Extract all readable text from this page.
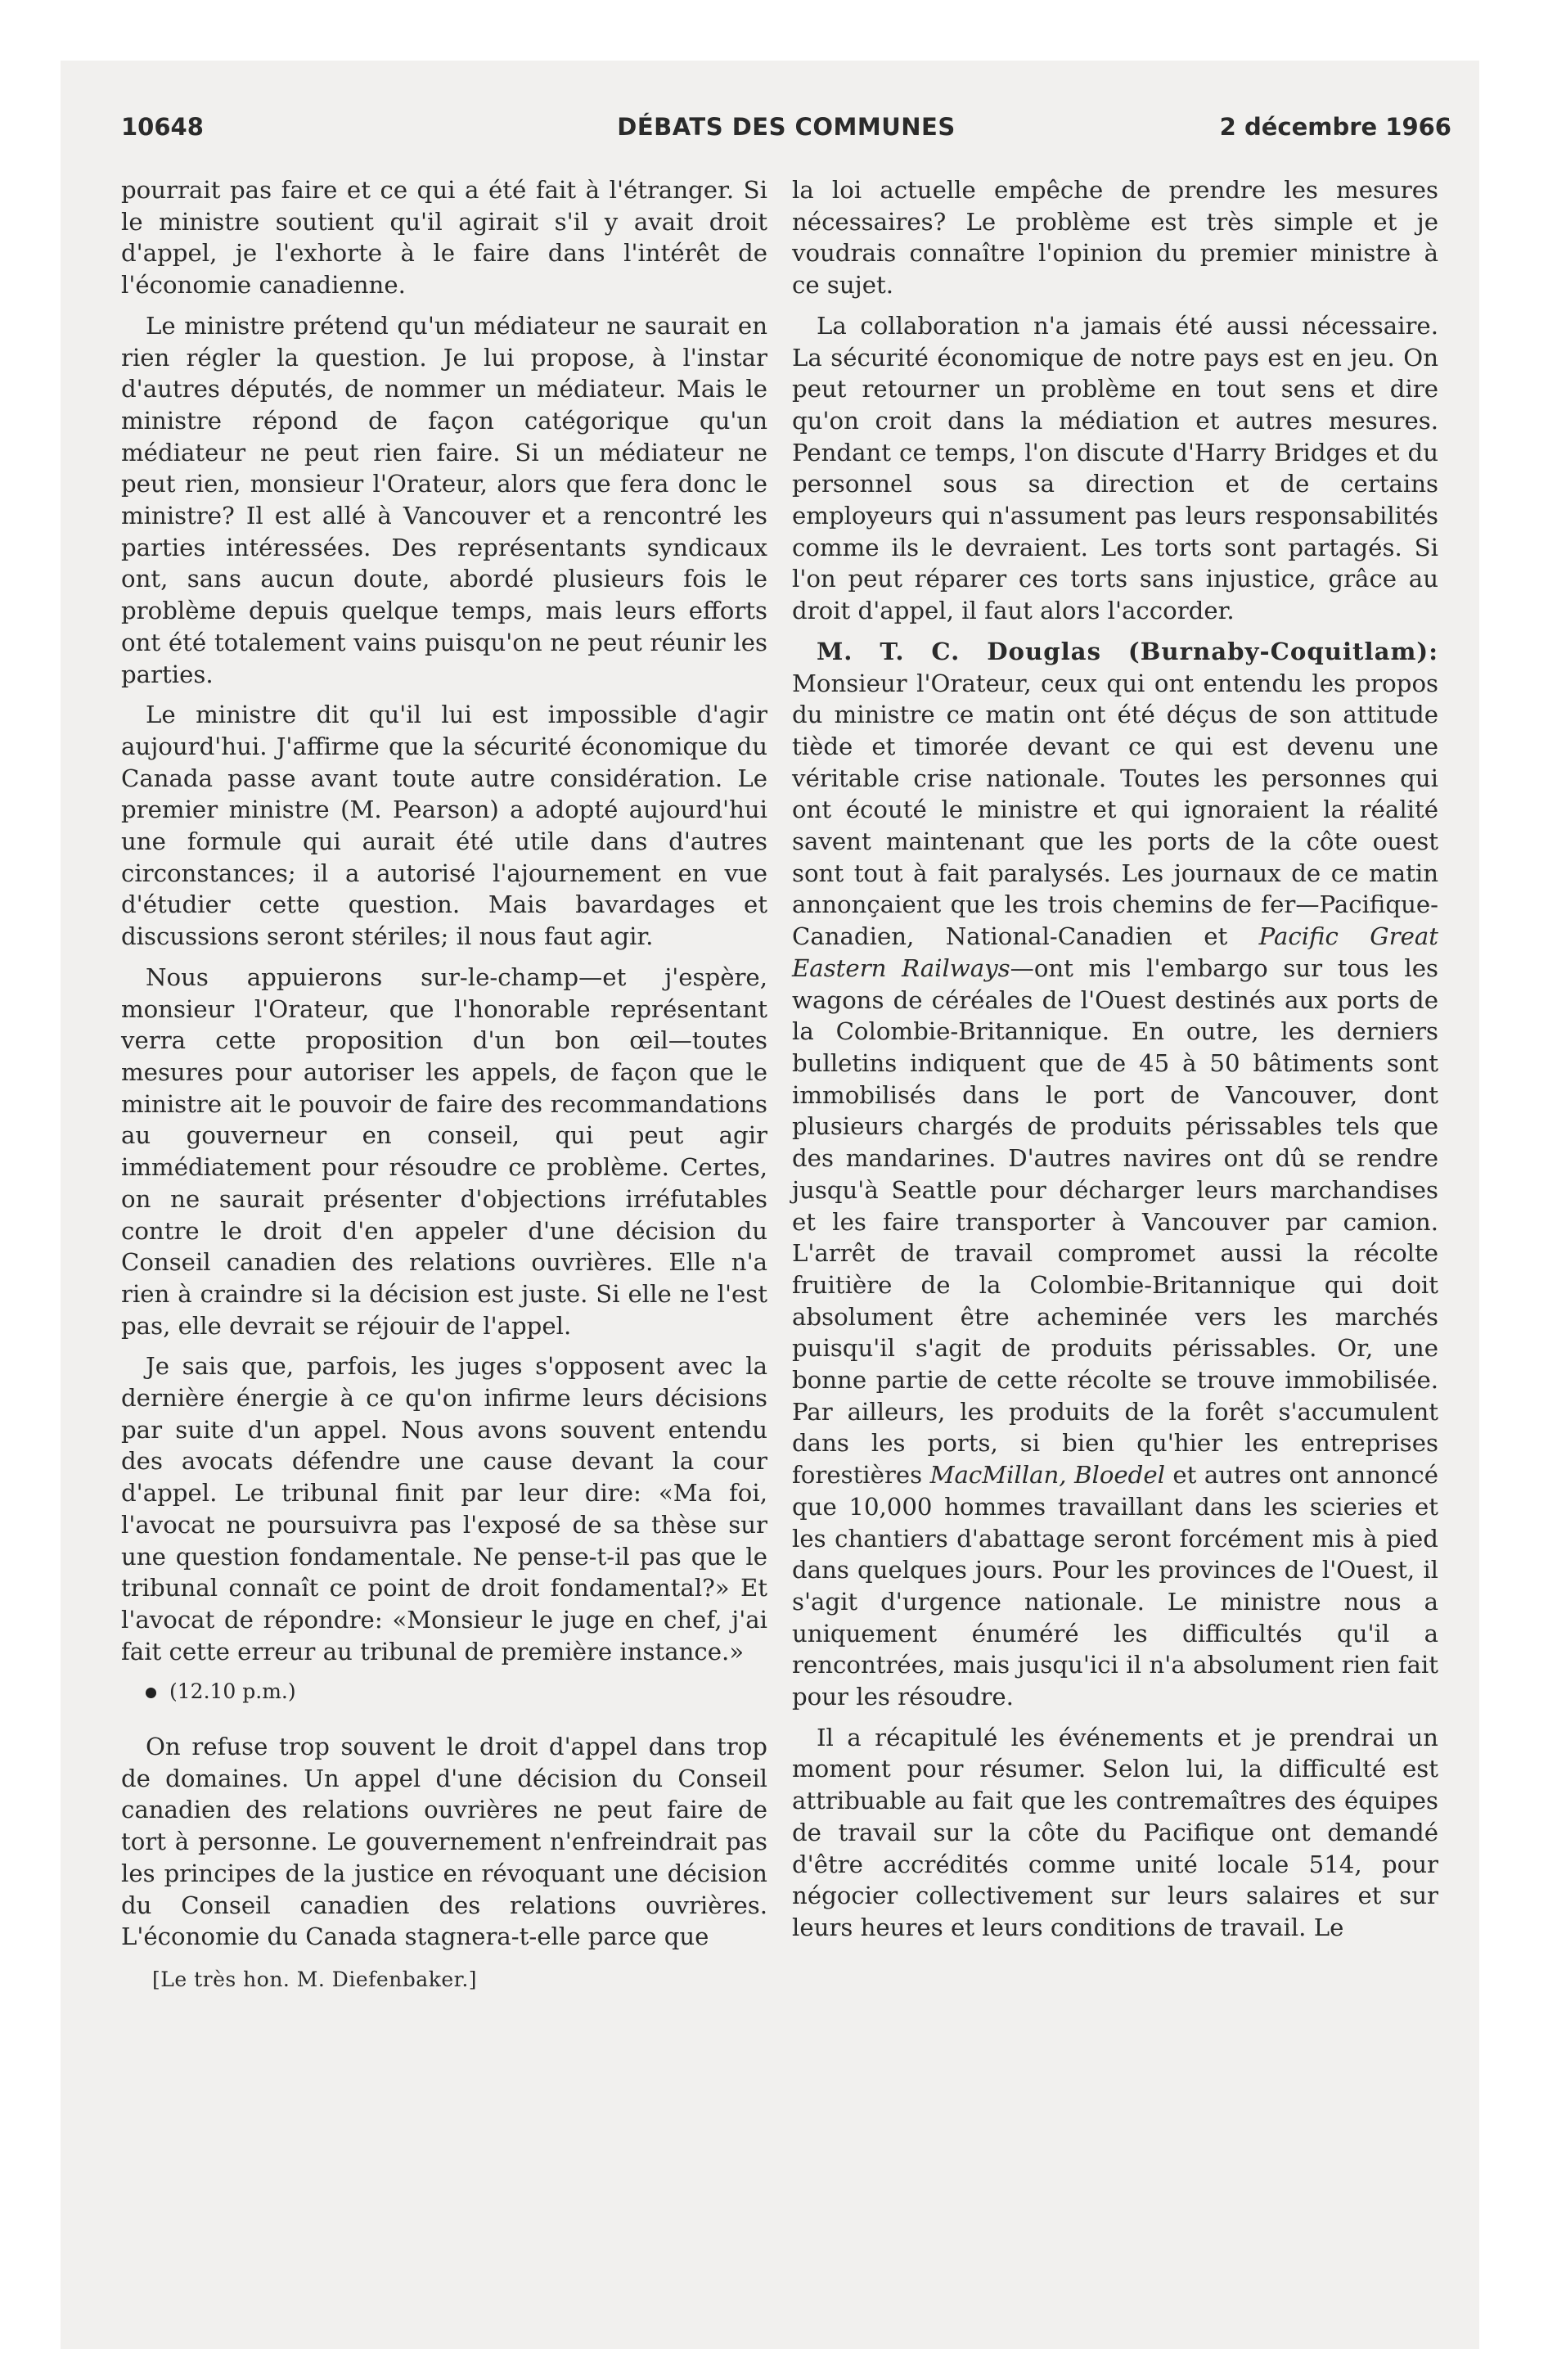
10648	DÉBATS DES COMMUNES	2 décembre 1966

pourrait pas faire et ce qui a été fait à l'étranger. Si le ministre soutient qu'il agirait s'il y avait droit d'appel, je l'exhorte à le faire dans l'intérêt de l'économie canadienne.

Le ministre prétend qu'un médiateur ne saurait en rien régler la question. Je lui propose, à l'instar d'autres députés, de nommer un médiateur. Mais le ministre répond de façon catégorique qu'un médiateur ne peut rien faire. Si un médiateur ne peut rien, monsieur l'Orateur, alors que fera donc le ministre? Il est allé à Vancouver et a rencontré les parties intéressées. Des représentants syndicaux ont, sans aucun doute, abordé plusieurs fois le problème depuis quelque temps, mais leurs efforts ont été totalement vains puisqu'on ne peut réunir les parties.

Le ministre dit qu'il lui est impossible d'agir aujourd'hui. J'affirme que la sécurité économique du Canada passe avant toute autre considération. Le premier ministre (M. Pearson) a adopté aujourd'hui une formule qui aurait été utile dans d'autres circonstances; il a autorisé l'ajournement en vue d'étudier cette question. Mais bavardages et discussions seront stériles; il nous faut agir.

Nous appuierons sur-le-champ—et j'espère, monsieur l'Orateur, que l'honorable représentant verra cette proposition d'un bon œil—toutes mesures pour autoriser les appels, de façon que le ministre ait le pouvoir de faire des recommandations au gouverneur en conseil, qui peut agir immédiatement pour résoudre ce problème. Certes, on ne saurait présenter d'objections irréfutables contre le droit d'en appeler d'une décision du Conseil canadien des relations ouvrières. Elle n'a rien à craindre si la décision est juste. Si elle ne l'est pas, elle devrait se réjouir de l'appel.

Je sais que, parfois, les juges s'opposent avec la dernière énergie à ce qu'on infirme leurs décisions par suite d'un appel. Nous avons souvent entendu des avocats défendre une cause devant la cour d'appel. Le tribunal finit par leur dire: «Ma foi, l'avocat ne poursuivra pas l'exposé de sa thèse sur une question fondamentale. Ne pense-t-il pas que le tribunal connaît ce point de droit fondamental?» Et l'avocat de répondre: «Monsieur le juge en chef, j'ai fait cette erreur au tribunal de première instance.»

(12.10 p.m.)

On refuse trop souvent le droit d'appel dans trop de domaines. Un appel d'une décision du Conseil canadien des relations ouvrières ne peut faire de tort à personne. Le gouvernement n'enfreindrait pas les principes de la justice en révoquant une décision du Conseil canadien des relations ouvrières. L'économie du Canada stagnera-t-elle parce que

[Le très hon. M. Diefenbaker.]

la loi actuelle empêche de prendre les mesures nécessaires? Le problème est très simple et je voudrais connaître l'opinion du premier ministre à ce sujet.

La collaboration n'a jamais été aussi nécessaire. La sécurité économique de notre pays est en jeu. On peut retourner un problème en tout sens et dire qu'on croit dans la médiation et autres mesures. Pendant ce temps, l'on discute d'Harry Bridges et du personnel sous sa direction et de certains employeurs qui n'assument pas leurs responsabilités comme ils le devraient. Les torts sont partagés. Si l'on peut réparer ces torts sans injustice, grâce au droit d'appel, il faut alors l'accorder.

M. T. C. Douglas (Burnaby-Coquitlam): Monsieur l'Orateur, ceux qui ont entendu les propos du ministre ce matin ont été déçus de son attitude tiède et timorée devant ce qui est devenu une véritable crise nationale. Toutes les personnes qui ont écouté le ministre et qui ignoraient la réalité savent maintenant que les ports de la côte ouest sont tout à fait paralysés. Les journaux de ce matin annonçaient que les trois chemins de fer—Pacifique-Canadien, National-Canadien et Pacific Great Eastern Railways—ont mis l'embargo sur tous les wagons de céréales de l'Ouest destinés aux ports de la Colombie-Britannique. En outre, les derniers bulletins indiquent que de 45 à 50 bâtiments sont immobilisés dans le port de Vancouver, dont plusieurs chargés de produits périssables tels que des mandarines. D'autres navires ont dû se rendre jusqu'à Seattle pour décharger leurs marchandises et les faire transporter à Vancouver par camion. L'arrêt de travail compromet aussi la récolte fruitière de la Colombie-Britannique qui doit absolument être acheminée vers les marchés puisqu'il s'agit de produits périssables. Or, une bonne partie de cette récolte se trouve immobilisée. Par ailleurs, les produits de la forêt s'accumulent dans les ports, si bien qu'hier les entreprises forestières MacMillan, Bloedel et autres ont annoncé que 10,000 hommes travaillant dans les scieries et les chantiers d'abattage seront forcément mis à pied dans quelques jours. Pour les provinces de l'Ouest, il s'agit d'urgence nationale. Le ministre nous a uniquement énuméré les difficultés qu'il a rencontrées, mais jusqu'ici il n'a absolument rien fait pour les résoudre.

Il a récapitulé les événements et je prendrai un moment pour résumer. Selon lui, la difficulté est attribuable au fait que les contremaîtres des équipes de travail sur la côte du Pacifique ont demandé d'être accrédités comme unité locale 514, pour négocier collectivement sur leurs salaires et sur leurs heures et leurs conditions de travail. Le
